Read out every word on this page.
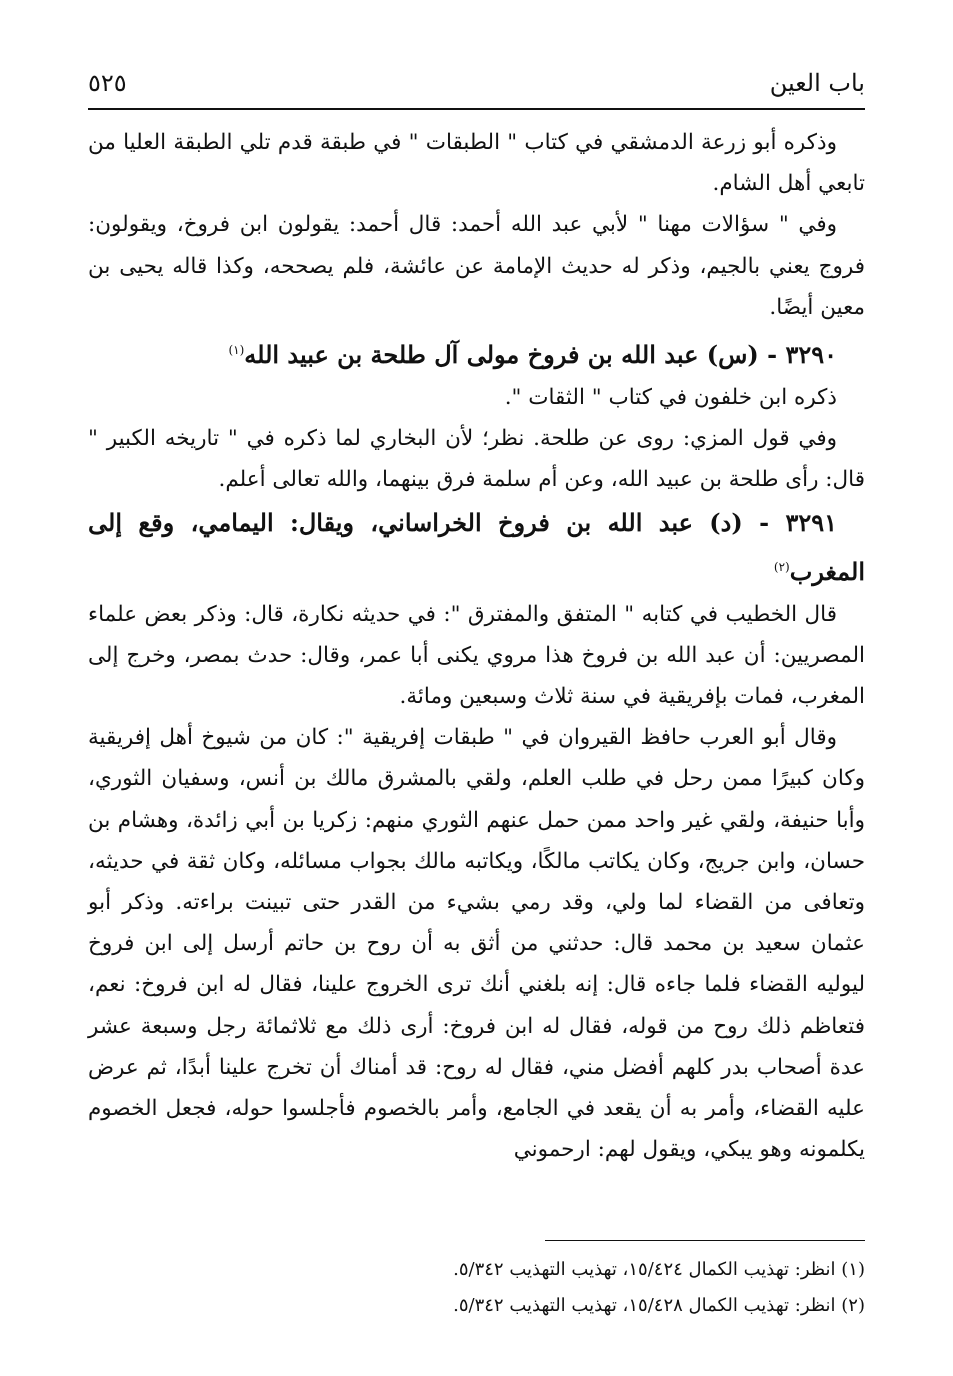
باب العين
٥٢٥

وذكره أبو زرعة الدمشقي في كتاب " الطبقات " في طبقة قدم تلي الطبقة العليا من تابعي أهل الشام.

وفي " سؤالات مهنا " لأبي عبد الله أحمد: قال أحمد: يقولون ابن فروخ، ويقولون: فروج يعني بالجيم، وذكر له حديث الإمامة عن عائشة، فلم يصححه، وكذا قاله يحيى بن معين أيضًا.

٣٢٩٠ - (س) عبد الله بن فروخ مولى آل طلحة بن عبيد الله$^{(١)}$

ذكره ابن خلفون في كتاب " الثقات ".

وفي قول المزي: روى عن طلحة. نظر؛ لأن البخاري لما ذكره في " تاريخه الكبير " قال: رأى طلحة بن عبيد الله، وعن أم سلمة فرق بينهما، والله تعالى أعلم.

٣٢٩١ - (د) عبد الله بن فروخ الخراساني، ويقال: اليمامي، وقع إلى المغرب$^{(٢)}$

قال الخطيب في كتابه " المتفق والمفترق ": في حديثه نكارة، قال: وذكر بعض علماء المصريين: أن عبد الله بن فروخ هذا مروي يكنى أبا عمر، وقال: حدث بمصر، وخرج إلى المغرب، فمات بإفريقية في سنة ثلاث وسبعين ومائة.

وقال أبو العرب حافظ القيروان في " طبقات إفريقية ": كان من شيوخ أهل إفريقية وكان كبيرًا ممن رحل في طلب العلم، ولقي بالمشرق مالك بن أنس، وسفيان الثوري، وأبا حنيفة، ولقي غير واحد ممن حمل عنهم الثوري منهم: زكريا بن أبي زائدة، وهشام بن حسان، وابن جريج، وكان يكاتب مالكًا، ويكاتبه مالك بجواب مسائله، وكان ثقة في حديثه، وتعافى من القضاء لما ولي، وقد رمي بشيء من القدر حتى تبينت براءته. وذكر أبو عثمان سعيد بن محمد قال: حدثني من أثق به أن روح بن حاتم أرسل إلى ابن فروخ ليوليه القضاء فلما جاءه قال: إنه بلغني أنك ترى الخروج علينا، فقال له ابن فروخ: نعم، فتعاظم ذلك روح من قوله، فقال له ابن فروخ: أرى ذلك مع ثلاثمائة رجل وسبعة عشر عدة أصحاب بدر كلهم أفضل مني، فقال له روح: قد أمناك أن تخرج علينا أبدًا، ثم عرض عليه القضاء، وأمر به أن يقعد في الجامع، وأمر بالخصوم فأجلسوا حوله، فجعل الخصوم يكلمونه وهو يبكي، ويقول لهم: ارحموني

(١) انظر: تهذيب الكمال ١٥/٤٢٤، تهذيب التهذيب ٥/٣٤٢.
(٢) انظر: تهذيب الكمال ١٥/٤٢٨، تهذيب التهذيب ٥/٣٤٢.
